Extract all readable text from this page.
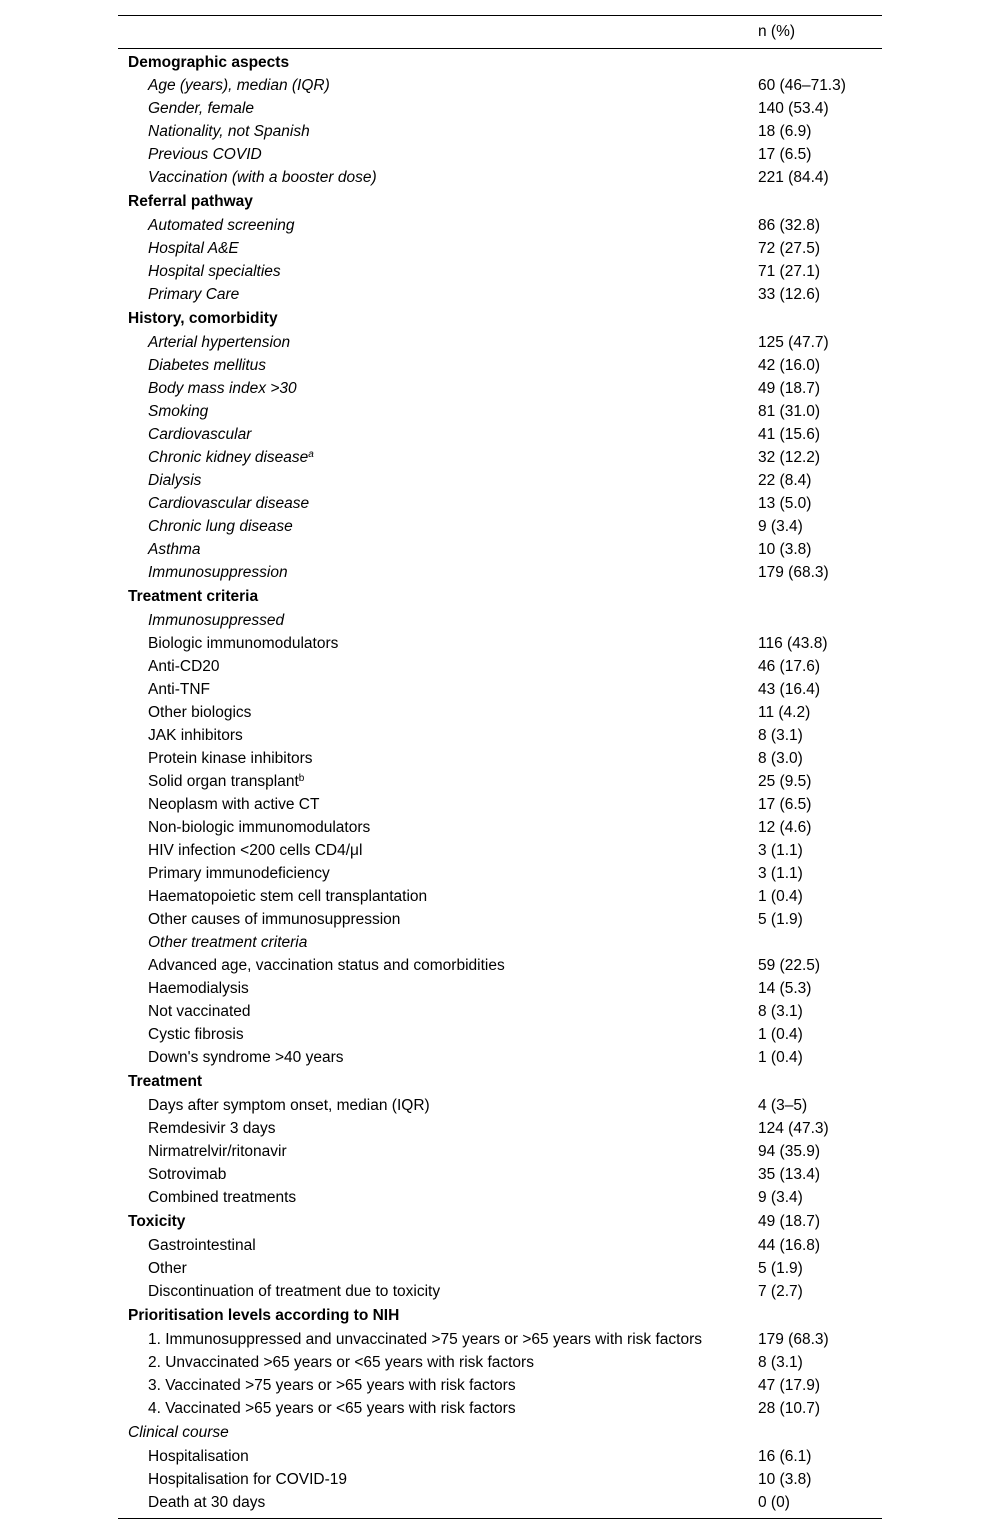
n (%)
Demographic aspects
Age (years), median (IQR)	60 (46–71.3)
Gender, female	140 (53.4)
Nationality, not Spanish	18 (6.9)
Previous COVID	17 (6.5)
Vaccination (with a booster dose)	221 (84.4)
Referral pathway
Automated screening	86 (32.8)
Hospital A&E	72 (27.5)
Hospital specialties	71 (27.1)
Primary Care	33 (12.6)
History, comorbidity
Arterial hypertension	125 (47.7)
Diabetes mellitus	42 (16.0)
Body mass index >30	49 (18.7)
Smoking	81 (31.0)
Cardiovascular	41 (15.6)
Chronic kidney disease$^a$	32 (12.2)
Dialysis	22 (8.4)
Cardiovascular disease	13 (5.0)
Chronic lung disease	9 (3.4)
Asthma	10 (3.8)
Immunosuppression	179 (68.3)
Treatment criteria
Immunosuppressed
Biologic immunomodulators	116 (43.8)
Anti-CD20	46 (17.6)
Anti-TNF	43 (16.4)
Other biologics	11 (4.2)
JAK inhibitors	8 (3.1)
Protein kinase inhibitors	8 (3.0)
Solid organ transplant$^b$	25 (9.5)
Neoplasm with active CT	17 (6.5)
Non-biologic immunomodulators	12 (4.6)
HIV infection <200 cells CD4/μl	3 (1.1)
Primary immunodeficiency	3 (1.1)
Haematopoietic stem cell transplantation	1 (0.4)
Other causes of immunosuppression	5 (1.9)
Other treatment criteria
Advanced age, vaccination status and comorbidities	59 (22.5)
Haemodialysis	14 (5.3)
Not vaccinated	8 (3.1)
Cystic fibrosis	1 (0.4)
Down's syndrome >40 years	1 (0.4)
Treatment
Days after symptom onset, median (IQR)	4 (3–5)
Remdesivir 3 days	124 (47.3)
Nirmatrelvir/ritonavir	94 (35.9)
Sotrovimab	35 (13.4)
Combined treatments	9 (3.4)
Toxicity	49 (18.7)
Gastrointestinal	44 (16.8)
Other	5 (1.9)
Discontinuation of treatment due to toxicity	7 (2.7)
Prioritisation levels according to NIH
1. Immunosuppressed and unvaccinated >75 years or >65 years with risk factors	179 (68.3)
2. Unvaccinated >65 years or <65 years with risk factors	8 (3.1)
3. Vaccinated >75 years or >65 years with risk factors	47 (17.9)
4. Vaccinated >65 years or <65 years with risk factors	28 (10.7)
Clinical course
Hospitalisation	16 (6.1)
Hospitalisation for COVID-19	10 (3.8)
Death at 30 days	0 (0)
